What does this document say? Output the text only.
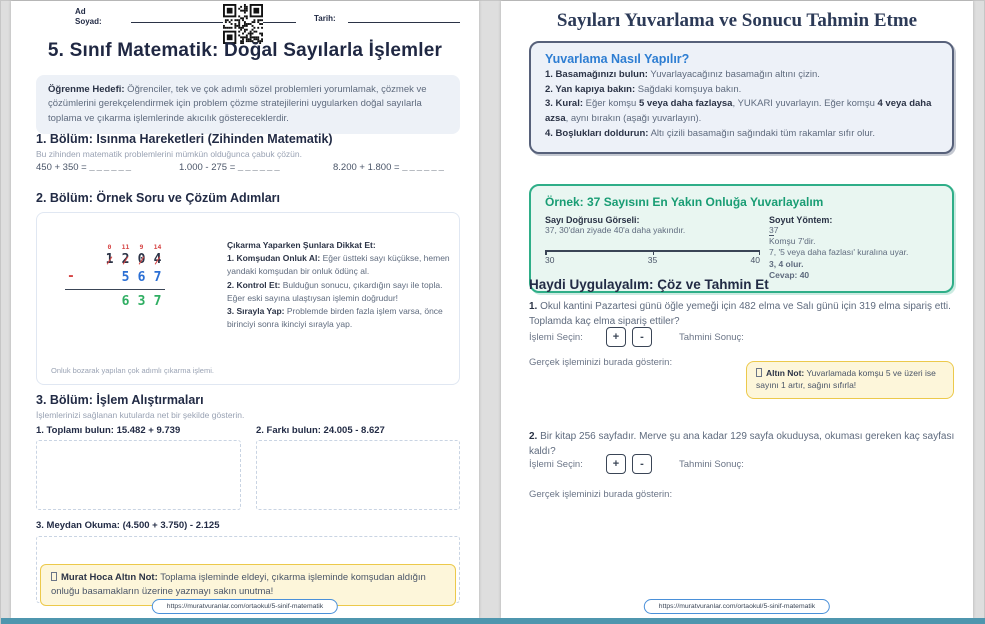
Ad
Soyad:	Tarih:
5. Sınıf Matematik: Doğal Sayılarla İşlemler
Öğrenme Hedefi: Öğrenciler, tek ve çok adımlı sözel problemleri yorumlamak, çözmek ve çözümlerini gerekçelendirmek için problem çözme stratejilerini uygularken doğal sayılarla toplama ve çıkarma işlemlerinde akıcılık göstereceklerdir.
1. Bölüm: Isınma Hareketleri (Zihinden Matematik)
Bu zihinden matematik problemlerini mümkün olduğunca çabuk çözün.
450 + 350 = ______	1.000 - 275 = ______	8.200 + 1.800 = ______
2. Bölüm: Örnek Soru ve Çözüm Adımları
0	11	9	14
1 2 0 4
-	5 6 7
6 3 7
Çıkarma Yaparken Şunlara Dikkat Et:
1. Komşudan Onluk Al: Eğer üstteki sayı küçükse, hemen yandaki komşudan bir onluk ödünç al.
2. Kontrol Et: Bulduğun sonucu, çıkardığın sayı ile topla. Eğer eski sayına ulaştıysan işlemin doğrudur!
3. Sırayla Yap: Problemde birden fazla işlem varsa, önce birinciyi sonra ikinciyi sırayla yap.
Onluk bozarak yapılan çok adımlı çıkarma işlemi.
3. Bölüm: İşlem Alıştırmaları
İşlemlerinizi sağlanan kutularda net bir şekilde gösterin.
1. Toplamı bulun: 15.482 + 9.739	2. Farkı bulun: 24.005 - 8.627
3. Meydan Okuma: (4.500 + 3.750) - 2.125
Murat Hoca Altın Not: Toplama işleminde eldeyi, çıkarma işleminde komşudan aldığın onluğu basamakların üzerine yazmayı sakın unutma!
https://muratvuranlar.com/ortaokul/5-sinif-matematik
Sayıları Yuvarlama ve Sonucu Tahmin Etme
Yuvarlama Nasıl Yapılır?
1. Basamağınızı bulun: Yuvarlayacağınız basamağın altını çizin.
2. Yan kapıya bakın: Sağdaki komşuya bakın.
3. Kural: Eğer komşu 5 veya daha fazlaysa, YUKARI yuvarlayın. Eğer komşu 4 veya daha azsa, aynı bırakın (aşağı yuvarlayın).
4. Boşlukları doldurun: Altı çizili basamağın sağındaki tüm rakamlar sıfır olur.
Örnek: 37 Sayısını En Yakın Onluğa Yuvarlayalım
Sayı Doğrusu Görseli:
37, 30'dan ziyade 40'a daha yakındır.
30	35	40
Soyut Yöntem:
37
Komşu 7'dir.
7, '5 veya daha fazlası' kuralına uyar.
3, 4 olur.
Cevap: 40
Haydi Uygulayalım: Çöz ve Tahmin Et
1. Okul kantini Pazartesi günü öğle yemeği için 482 elma ve Salı günü için 319 elma sipariş etti. Toplamda kaç elma sipariş ettiler?
İşlemi Seçin:	+	-	Tahmini Sonuç:
Gerçek işleminizi burada gösterin:
Altın Not: Yuvarlamada komşu 5 ve üzeri ise sayını 1 artır, sağını sıfırla!
2. Bir kitap 256 sayfadır. Merve şu ana kadar 129 sayfa okuduysa, okuması gereken kaç sayfası kaldı?
İşlemi Seçin:	+	-	Tahmini Sonuç:
Gerçek işleminizi burada gösterin:
https://muratvuranlar.com/ortaokul/5-sinif-matematik
